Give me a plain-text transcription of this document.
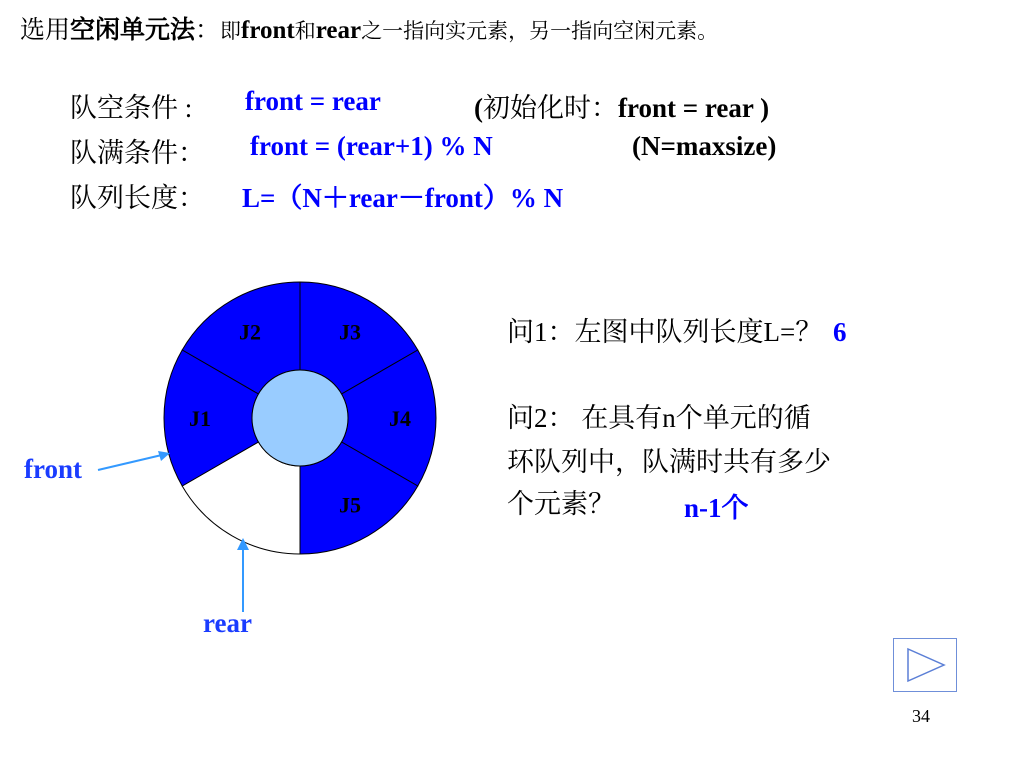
选用空闲单元法：即front和rear之一指向实元素，另一指向空闲元素。
队空条件 : front = rear	(初始化时：front = rear )
队满条件： front = (rear+1) % N	(N=maxsize)
队列长度： L=（N＋rear－front）% N
J2	J3
J4
J5
J1
front
rear
问1：左图中队列长度L=？ 6
问2： 在具有n个单元的循
环队列中，队满时共有多少
个元素？	n-1个
34
